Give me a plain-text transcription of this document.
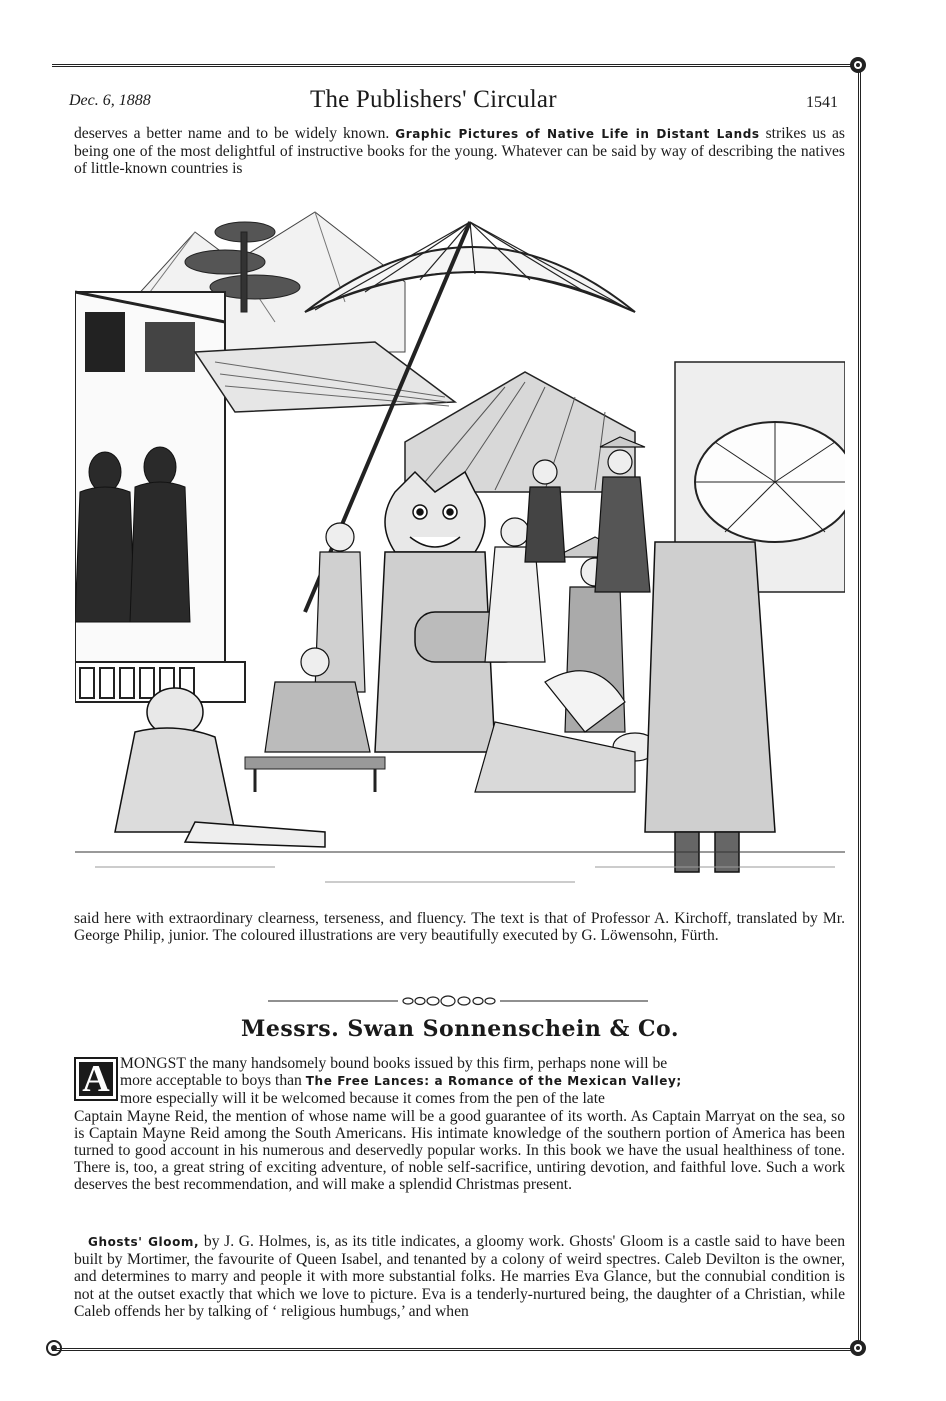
Dec. 6, 1888	The Publishers' Circular	1541

deserves a better name and to be widely known. Graphic Pictures of Native Life in Distant Lands strikes us as being one of the most delightful of instructive books for the young. Whatever can be said by way of describing the natives of little-known countries is

said here with extraordinary clearness, terseness, and fluency. The text is that of Professor A. Kirchoff, translated by Mr. George Philip, junior. The coloured illustrations are very beautifully executed by G. Löwensohn, Fürth.

Messrs. Swan Sonnenschein & Co.
A MONGST the many handsomely bound books issued by this firm, perhaps none will be
more acceptable to boys than The Free Lances: a Romance of the Mexican Valley;
more especially will it be welcomed because it comes from the pen of the late
Captain Mayne Reid, the mention of whose name will be a good guarantee of its worth. As Captain Marryat on the sea, so is Captain Mayne Reid among the South Americans. His intimate knowledge of the southern portion of America has been turned to good account in his numerous and deservedly popular works. In this book we have the usual healthiness of tone. There is, too, a great string of exciting adventure, of noble self-sacrifice, untiring devotion, and faithful love. Such a work deserves the best recommendation, and will make a splendid Christmas present.

Ghosts' Gloom, by J. G. Holmes, is, as its title indicates, a gloomy work. Ghosts' Gloom is a castle said to have been built by Mortimer, the favourite of Queen Isabel, and tenanted by a colony of weird spectres. Caleb Devilton is the owner, and determines to marry and people it with more substantial folks. He marries Eva Glance, but the connubial condition is not at the outset exactly that which we love to picture. Eva is a tenderly-nurtured being, the daughter of a Christian, while Caleb offends her by talking of ‘ religious humbugs,’ and when
